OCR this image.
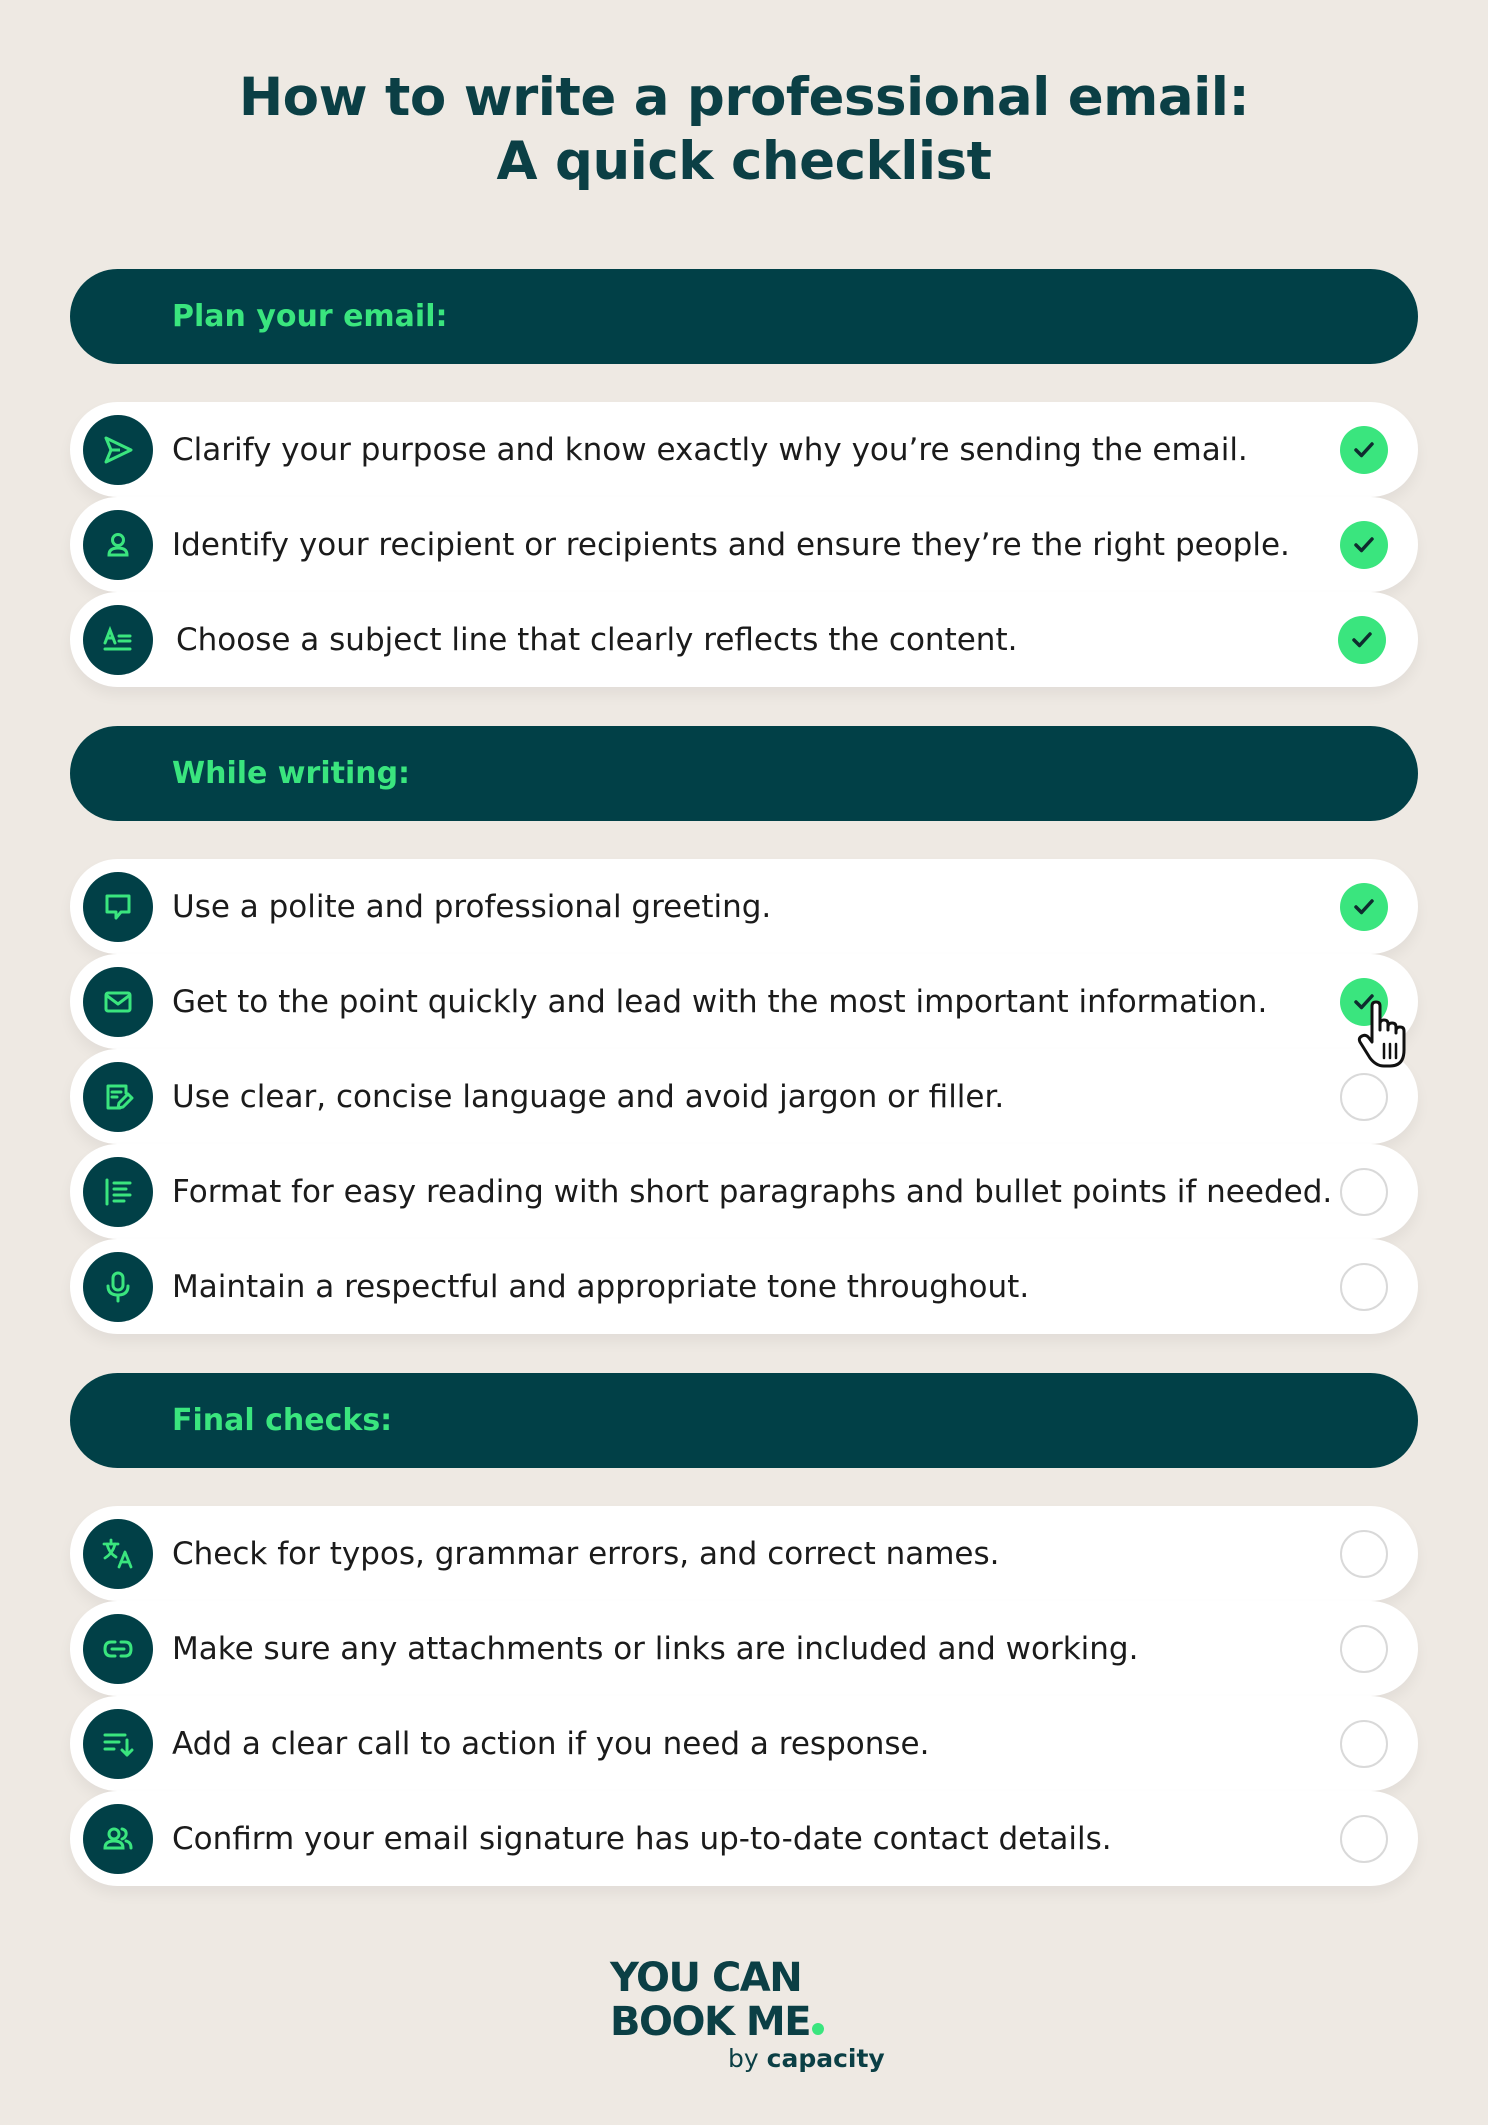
How to write a professional email:
A quick checklist
Plan your email:
Clarify your purpose and know exactly why you’re sending the email.
Identify your recipient or recipients and ensure they’re the right people.
Choose a subject line that clearly reflects the content.
While writing:
Use a polite and professional greeting.
Get to the point quickly and lead with the most important information.
Use clear, concise language and avoid jargon or filler.
Format for easy reading with short paragraphs and bullet points if needed.
Maintain a respectful and appropriate tone throughout.
Final checks:
Check for typos, grammar errors, and correct names.
Make sure any attachments or links are included and working.
Add a clear call to action if you need a response.
Confirm your email signature has up-to-date contact details.
YOU CAN
BOOK ME
by capacity
